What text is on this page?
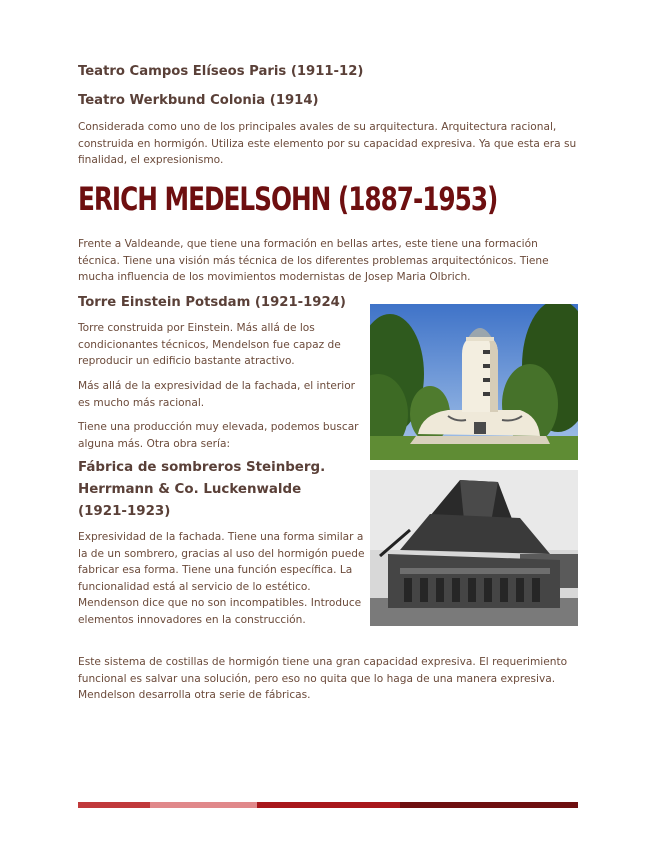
Teatro Campos Elíseos Paris (1911-12)
Teatro Werkbund Colonia (1914)

Considerada como uno de los principales avales de su arquitectura. Arquitectura racional, construida en hormigón. Utiliza este elemento por su capacidad expresiva. Ya que esta era su finalidad, el expresionismo.

ERICH MEDELSOHN (1887-1953)

Frente a Valdeande, que tiene una formación en bellas artes, este tiene una formación técnica. Tiene una visión más técnica de los diferentes problemas arquitectónicos. Tiene mucha influencia de los movimientos modernistas de Josep Maria Olbrich.

Torre Einstein Potsdam (1921-1924)

Torre construida por Einstein. Más allá de los condicionantes técnicos, Mendelson fue capaz de reproducir un edificio bastante atractivo.

Más allá de la expresividad de la fachada, el interior es mucho más racional.

Tiene una producción muy elevada, podemos buscar alguna más. Otra obra sería:

Fábrica de sombreros Steinberg.
Herrmann & Co. Luckenwalde
(1921-1923)

Expresividad de la fachada. Tiene una forma similar a la de un sombrero, gracias al uso del hormigón puede fabricar esa forma. Tiene una función específica. La funcionalidad está al servicio de lo estético. Mendenson dice que no son incompatibles. Introduce elementos innovadores en la construcción.

Este sistema de costillas de hormigón tiene una gran capacidad expresiva. El requerimiento funcional es salvar una solución, pero eso no quita que lo haga de una manera expresiva. Mendelson desarrolla otra serie de fábricas.
